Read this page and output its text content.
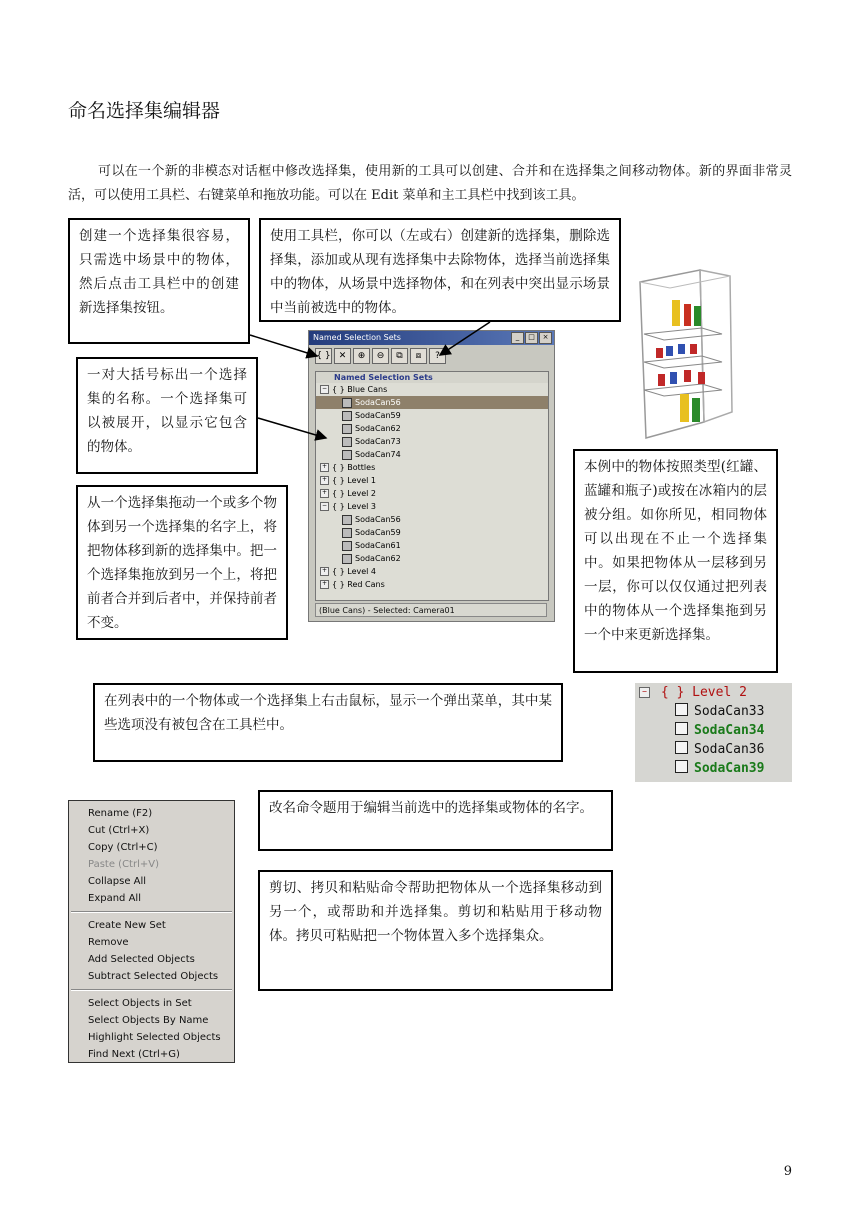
命名选择集编辑器
可以在一个新的非模态对话框中修改选择集，使用新的工具可以创建、合并和在选择集之间移动物体。新的界面非常灵活，可以使用工具栏、右键菜单和拖放功能。可以在 Edit 菜单和主工具栏中找到该工具。
创建一个选择集很容易，只需选中场景中的物体，然后点击工具栏中的创建新选择集按钮。
使用工具栏，你可以（左或右）创建新的选择集，删除选择集，添加或从现有选择集中去除物体，选择当前选择集中的物体，从场景中选择物体，和在列表中突出显示场景中当前被选中的物体。
一对大括号标出一个选择集的名称。一个选择集可以被展开，以显示它包含的物体。
从一个选择集拖动一个或多个物体到另一个选择集的名字上，将把物体移到新的选择集中。把一个选择集拖放到另一个上，将把前者合并到后者中，并保持前者不变。
本例中的物体按照类型(红罐、蓝罐和瓶子)或按在冰箱内的层被分组。如你所见，相同物体可以出现在不止一个选择集中。如果把物体从一层移到另一层，你可以仅仅通过把列表中的物体从一个选择集拖到另一个中来更新选择集。
在列表中的一个物体或一个选择集上右击鼠标，显示一个弹出菜单，其中某些选项没有被包含在工具栏中。
改名命令题用于编辑当前选中的选择集或物体的名字。
剪切、拷贝和粘贴命令帮助把物体从一个选择集移动到另一个，或帮助和并选择集。剪切和粘贴用于移动物体。拷贝可粘贴把一个物体置入多个选择集众。
Named Selection Sets	_	□	×
{ } ✕	⊕	⊖	⧉	⧈	?
Named Selection Sets
− { } Blue Cans
SodaCan56
SodaCan59
SodaCan62
SodaCan73
SodaCan74
+ { } Bottles
+ { } Level 1
+ { } Level 2
− { } Level 3
SodaCan56
SodaCan59
SodaCan61
SodaCan62
+ { } Level 4
+ { } Red Cans
(Blue Cans) - Selected: Camera01
− { } Level 2
SodaCan33
SodaCan34
SodaCan36
SodaCan39
Rename (F2)
Cut (Ctrl+X)
Copy (Ctrl+C)
Paste (Ctrl+V)
Collapse All
Expand All
Create New Set
Remove
Add Selected Objects
Subtract Selected Objects
Select Objects in Set
Select Objects By Name
Highlight Selected Objects
Find Next (Ctrl+G)
9
